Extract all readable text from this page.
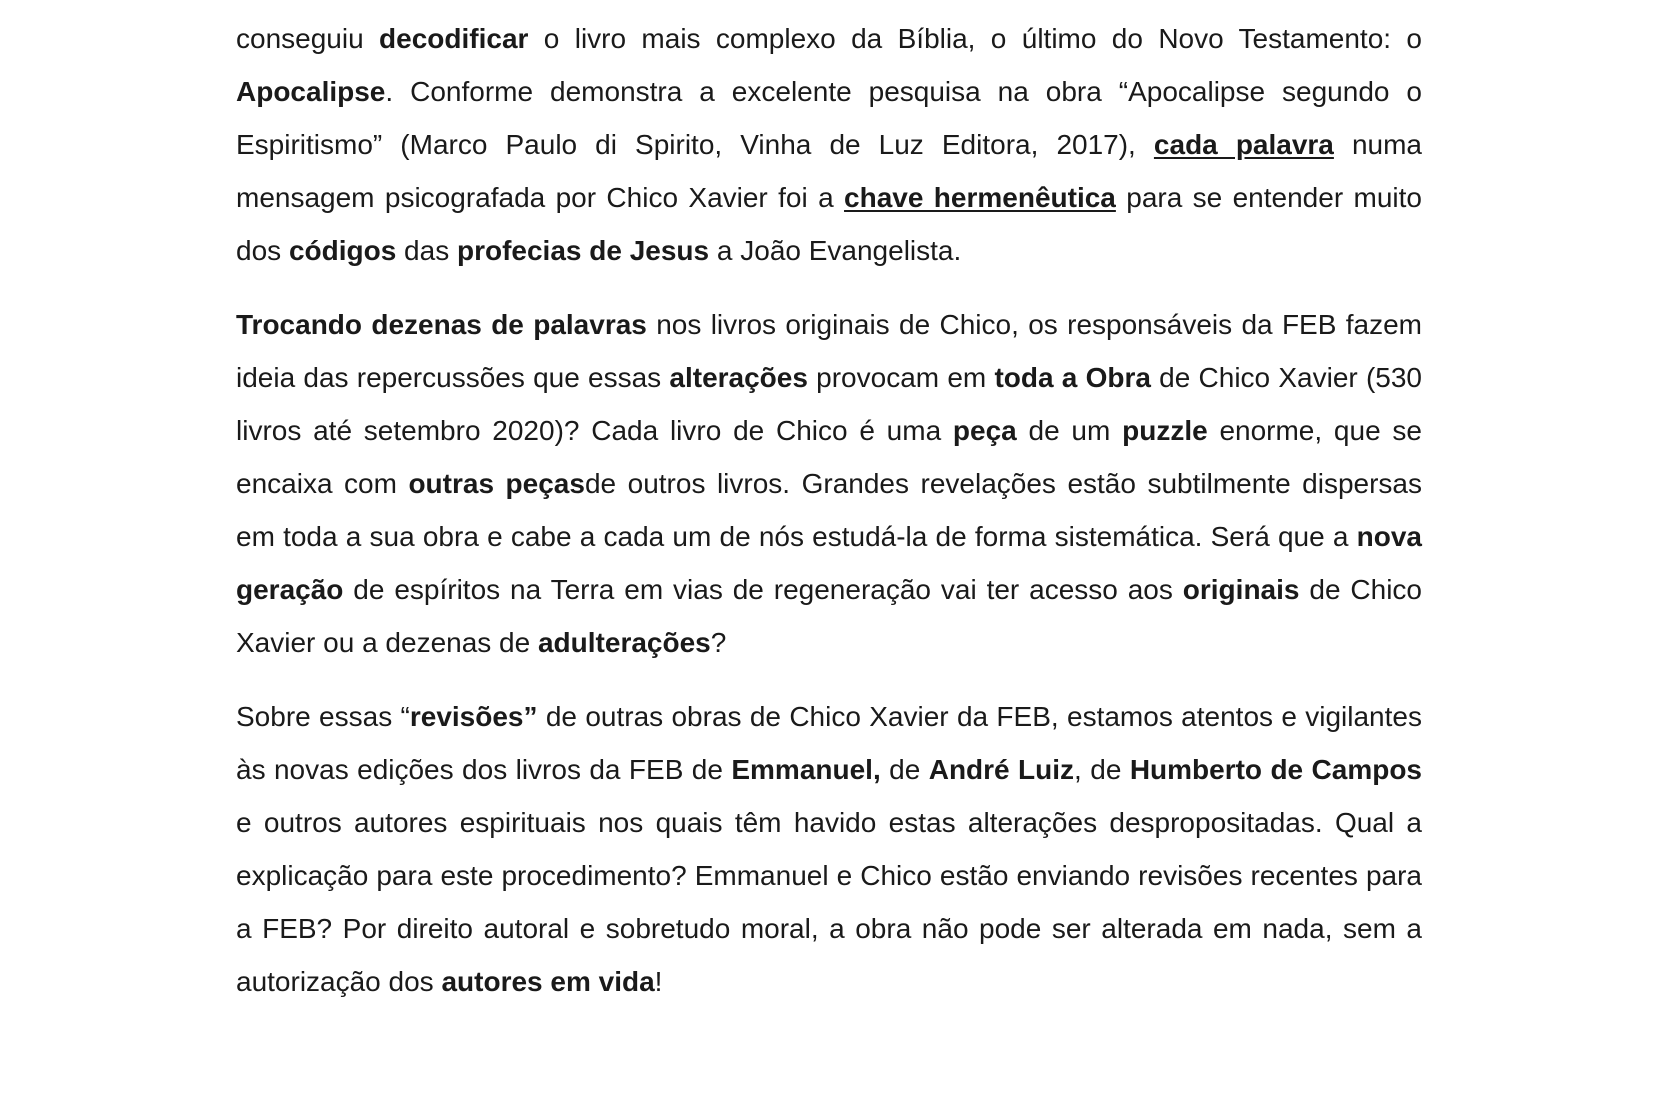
conseguiu decodificar o livro mais complexo da Bíblia, o último do Novo Testamento: o Apocalipse. Conforme demonstra a excelente pesquisa na obra “Apocalipse segundo o Espiritismo” (Marco Paulo di Spirito, Vinha de Luz Editora, 2017), cada palavra numa mensagem psicografada por Chico Xavier foi a chave hermenêutica para se entender muito dos códigos das profecias de Jesus a João Evangelista.

Trocando dezenas de palavras nos livros originais de Chico, os responsáveis da FEB fazem ideia das repercussões que essas alterações provocam em toda a Obra de Chico Xavier (530 livros até setembro 2020)? Cada livro de Chico é uma peça de um puzzle enorme, que se encaixa com outras peçasde outros livros. Grandes revelações estão subtilmente dispersas em toda a sua obra e cabe a cada um de nós estudá-la de forma sistemática. Será que a nova geração de espíritos na Terra em vias de regeneração vai ter acesso aos originais de Chico Xavier ou a dezenas de adulterações?

Sobre essas “revisões” de outras obras de Chico Xavier da FEB, estamos atentos e vigilantes às novas edições dos livros da FEB de Emmanuel, de André Luiz, de Humberto de Campos e outros autores espirituais nos quais têm havido estas alterações despropositadas. Qual a explicação para este procedimento? Emmanuel e Chico estão enviando revisões recentes para a FEB? Por direito autoral e sobretudo moral, a obra não pode ser alterada em nada, sem a autorização dos autores em vida!
